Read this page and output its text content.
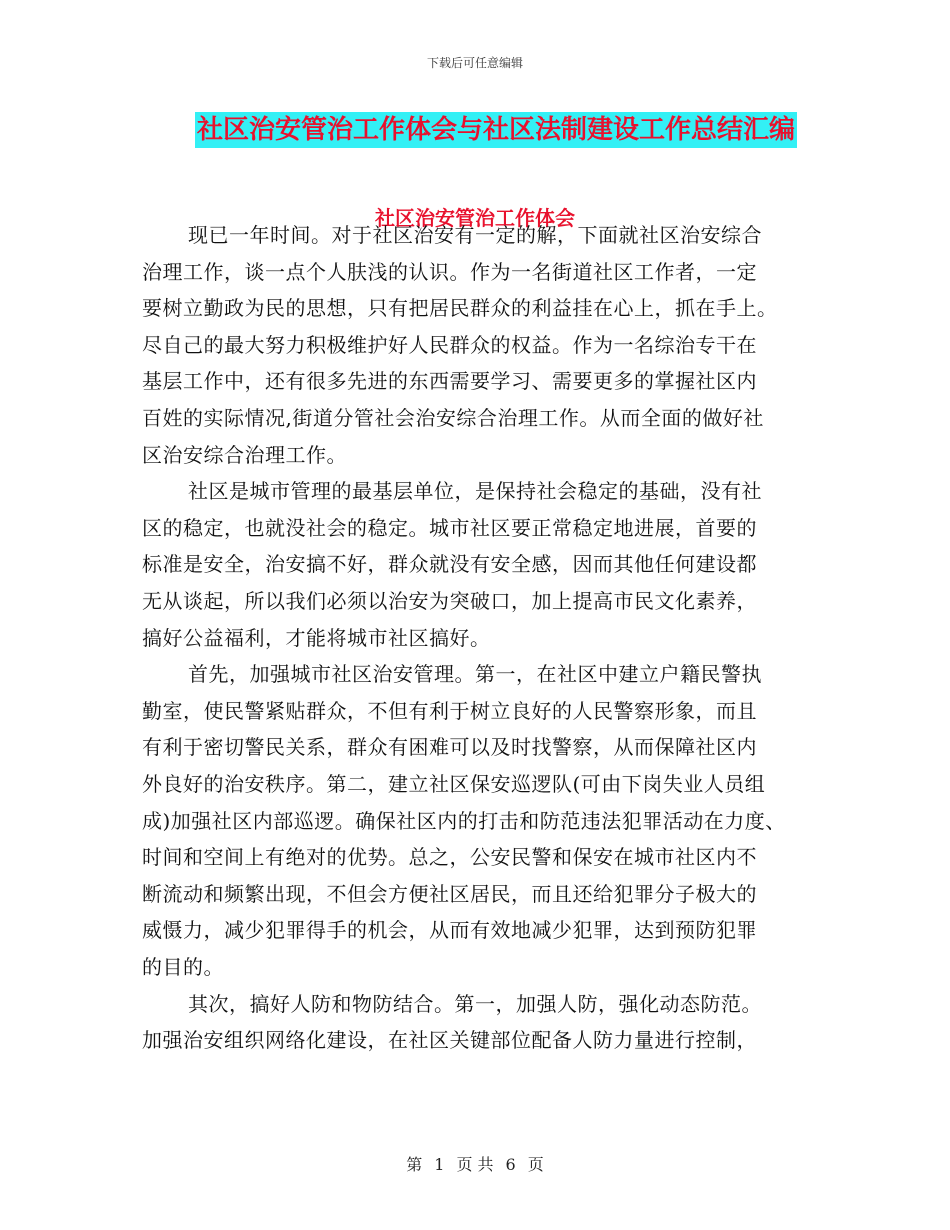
下载后可任意编辑
社区治安管治工作体会与社区法制建设工作总结汇编
社区治安管治工作体会
现已一年时间。对于社区治安有一定的解，下面就社区治安综合
治理工作，谈一点个人肤浅的认识。作为一名街道社区工作者，一定
要树立勤政为民的思想，只有把居民群众的利益挂在心上，抓在手上。
尽自己的最大努力积极维护好人民群众的权益。作为一名综治专干在
基层工作中，还有很多先进的东西需要学习、需要更多的掌握社区内
百姓的实际情况,街道分管社会治安综合治理工作。从而全面的做好社
区治安综合治理工作。
社区是城市管理的最基层单位，是保持社会稳定的基础，没有社
区的稳定，也就没社会的稳定。城市社区要正常稳定地进展，首要的
标准是安全，治安搞不好，群众就没有安全感，因而其他任何建设都
无从谈起，所以我们必须以治安为突破口，加上提高市民文化素养，
搞好公益福利，才能将城市社区搞好。
首先，加强城市社区治安管理。第一，在社区中建立户籍民警执
勤室，使民警紧贴群众，不但有利于树立良好的人民警察形象，而且
有利于密切警民关系，群众有困难可以及时找警察，从而保障社区内
外良好的治安秩序。第二，建立社区保安巡逻队(可由下岗失业人员组
成)加强社区内部巡逻。确保社区内的打击和防范违法犯罪活动在力度、
时间和空间上有绝对的优势。总之，公安民警和保安在城市社区内不
断流动和频繁出现，不但会方便社区居民，而且还给犯罪分子极大的
威慑力，减少犯罪得手的机会，从而有效地减少犯罪，达到预防犯罪
的目的。
其次，搞好人防和物防结合。第一，加强人防，强化动态防范。
加强治安组织网络化建设，在社区关键部位配备人防力量进行控制，
第 1 页 共 6 页
